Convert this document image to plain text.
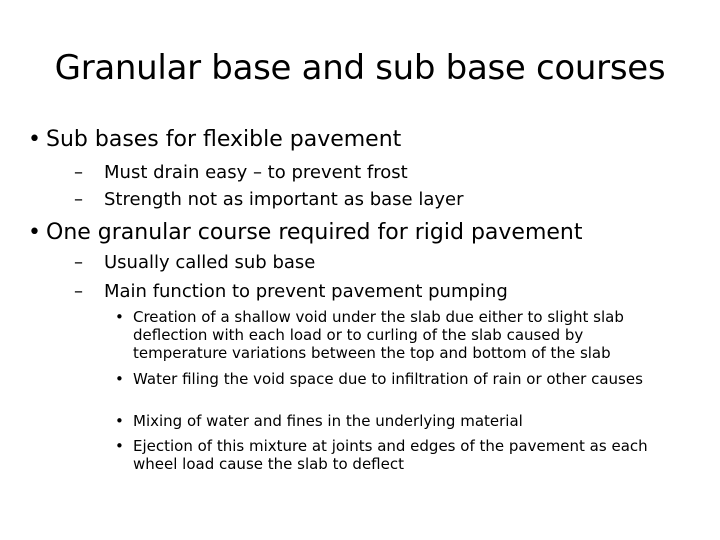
Granular base and sub base courses
• Sub bases for flexible pavement
– Must drain easy – to prevent frost
– Strength not as important as base layer
• One granular course required for rigid pavement
– Usually called sub base
– Main function to prevent pavement pumping
• Creation of a shallow void under the slab due either to slight slab deflection with each load or to curling of the slab caused by temperature variations between the top and bottom of the slab
• Water filing the void space due to infiltration of rain or other causes
• Mixing of water and fines in the underlying material
• Ejection of this mixture at joints and edges of the pavement as each wheel load cause the slab to deflect
